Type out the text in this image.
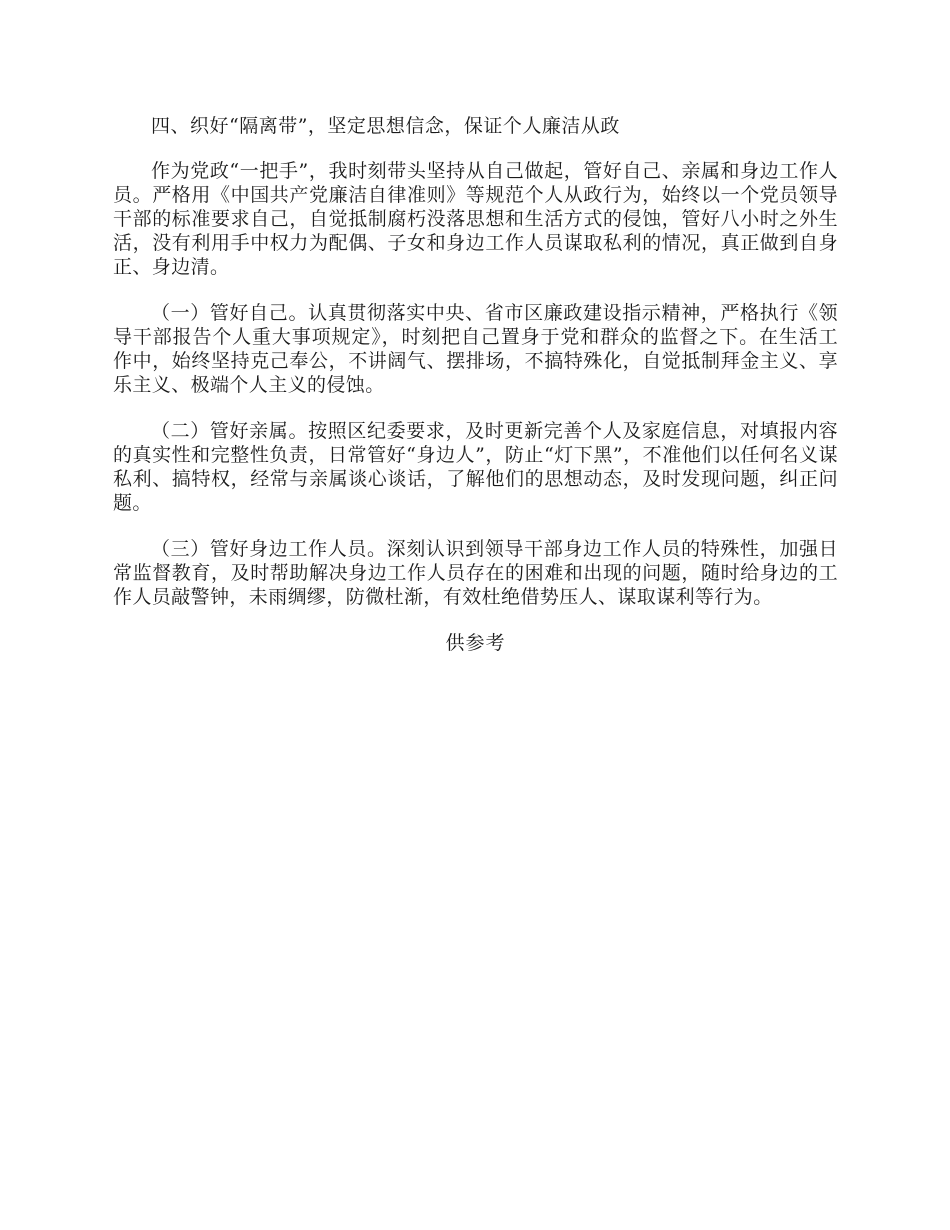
四、织好“隔离带”，坚定思想信念，保证个人廉洁从政

作为党政“一把手”，我时刻带头坚持从自己做起，管好自己、亲属和身边工作人员。严格用《中国共产党廉洁自律准则》等规范个人从政行为，始终以一个党员领导干部的标准要求自己，自觉抵制腐朽没落思想和生活方式的侵蚀，管好八小时之外生活，没有利用手中权力为配偶、子女和身边工作人员谋取私利的情况，真正做到自身正、身边清。

（一）管好自己。认真贯彻落实中央、省市区廉政建设指示精神，严格执行《领导干部报告个人重大事项规定》，时刻把自己置身于党和群众的监督之下。在生活工作中，始终坚持克己奉公，不讲阔气、摆排场，不搞特殊化，自觉抵制拜金主义、享乐主义、极端个人主义的侵蚀。

（二）管好亲属。按照区纪委要求，及时更新完善个人及家庭信息，对填报内容的真实性和完整性负责，日常管好“身边人”，防止“灯下黑”，不准他们以任何名义谋私利、搞特权，经常与亲属谈心谈话，了解他们的思想动态，及时发现问题，纠正问题。

（三）管好身边工作人员。深刻认识到领导干部身边工作人员的特殊性，加强日常监督教育，及时帮助解决身边工作人员存在的困难和出现的问题，随时给身边的工作人员敲警钟，未雨绸缪，防微杜渐，有效杜绝借势压人、谋取谋利等行为。

供参考
